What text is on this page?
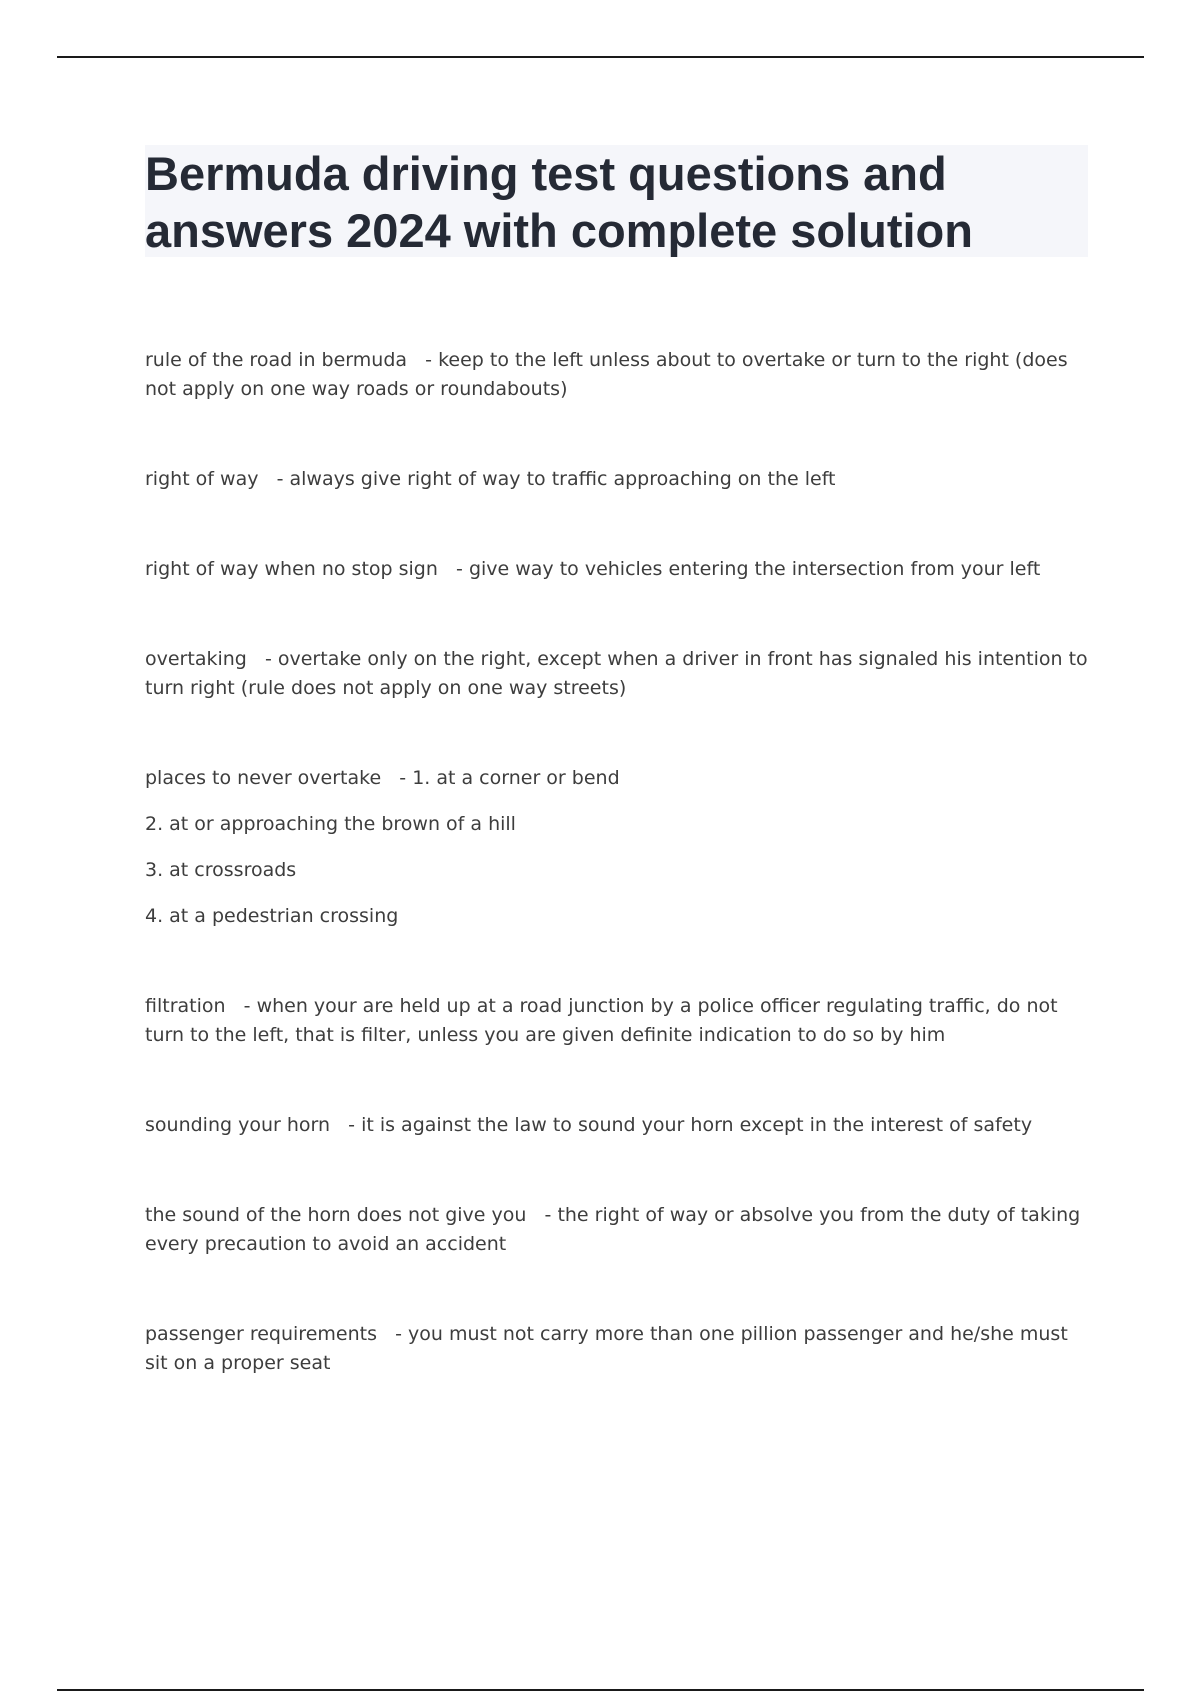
Bermuda driving test questions and answers 2024 with complete solution

rule of the road in bermuda   - keep to the left unless about to overtake or turn to the right (does not apply on one way roads or roundabouts)

right of way   - always give right of way to traffic approaching on the left

right of way when no stop sign   - give way to vehicles entering the intersection from your left

overtaking   - overtake only on the right, except when a driver in front has signaled his intention to turn right (rule does not apply on one way streets)

places to never overtake   - 1. at a corner or bend

2. at or approaching the brown of a hill

3. at crossroads

4. at a pedestrian crossing

filtration   - when your are held up at a road junction by a police officer regulating traffic, do not turn to the left, that is filter, unless you are given definite indication to do so by him

sounding your horn   - it is against the law to sound your horn except in the interest of safety

the sound of the horn does not give you   - the right of way or absolve you from the duty of taking every precaution to avoid an accident

passenger requirements   - you must not carry more than one pillion passenger and he/she must sit on a proper seat
